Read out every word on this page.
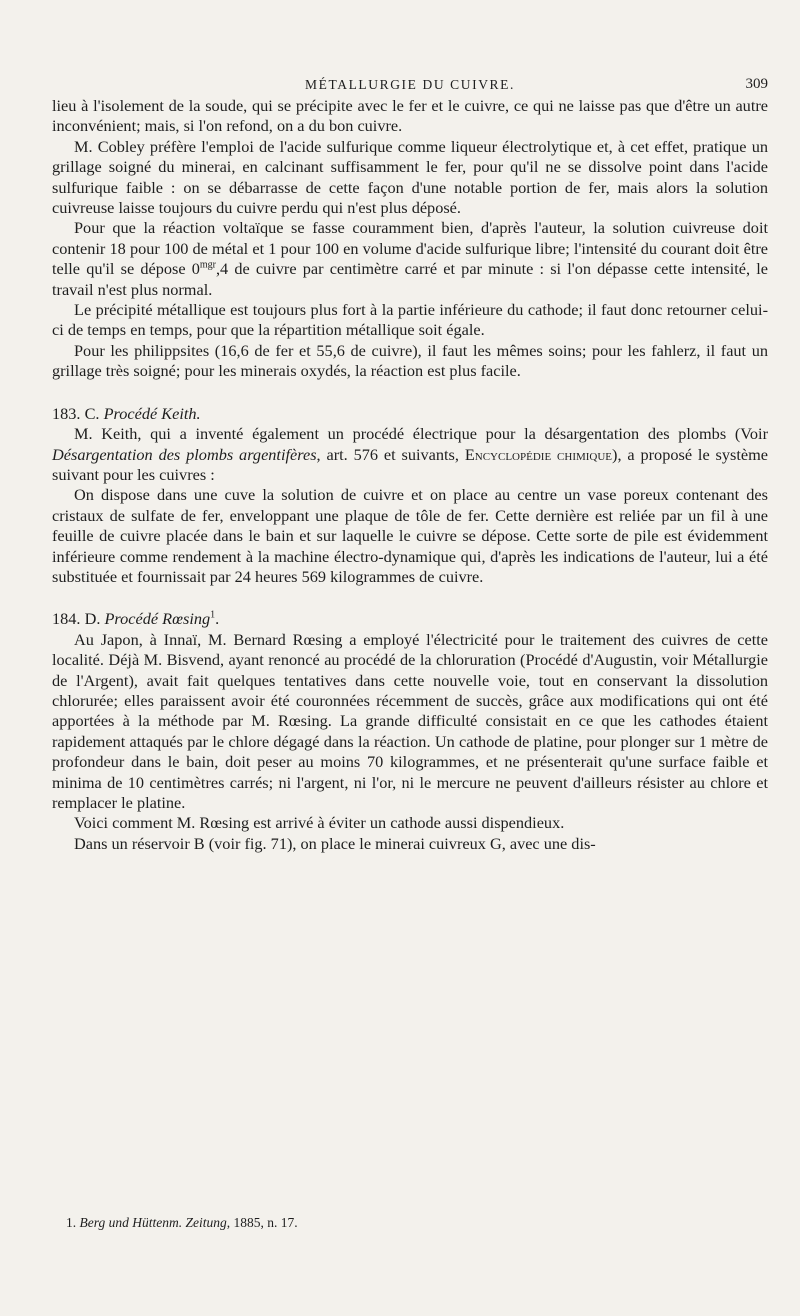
MÉTALLURGIE DU CUIVRE.	309

lieu à l'isolement de la soude, qui se précipite avec le fer et le cuivre, ce qui ne laisse pas que d'être un autre inconvénient; mais, si l'on refond, on a du bon cuivre.

M. Cobley préfère l'emploi de l'acide sulfurique comme liqueur électrolytique et, à cet effet, pratique un grillage soigné du minerai, en calcinant suffisamment le fer, pour qu'il ne se dissolve point dans l'acide sulfurique faible : on se débarrasse de cette façon d'une notable portion de fer, mais alors la solution cuivreuse laisse toujours du cuivre perdu qui n'est plus déposé.

Pour que la réaction voltaïque se fasse couramment bien, d'après l'auteur, la solution cuivreuse doit contenir 18 pour 100 de métal et 1 pour 100 en volume d'acide sulfurique libre; l'intensité du courant doit être telle qu'il se dépose $0^{mgr},4$ de cuivre par centimètre carré et par minute : si l'on dépasse cette intensité, le travail n'est plus normal.

Le précipité métallique est toujours plus fort à la partie inférieure du cathode; il faut donc retourner celui-ci de temps en temps, pour que la répartition métallique soit égale.

Pour les philippsites (16,6 de fer et 55,6 de cuivre), il faut les mêmes soins; pour les fahlerz, il faut un grillage très soigné; pour les minerais oxydés, la réaction est plus facile.

183. C. Procédé Keith.

M. Keith, qui a inventé également un procédé électrique pour la désargentation des plombs (Voir Désargentation des plombs argentifères, art. 576 et suivants, Encyclopédie chimique), a proposé le système suivant pour les cuivres :

On dispose dans une cuve la solution de cuivre et on place au centre un vase poreux contenant des cristaux de sulfate de fer, enveloppant une plaque de tôle de fer. Cette dernière est reliée par un fil à une feuille de cuivre placée dans le bain et sur laquelle le cuivre se dépose. Cette sorte de pile est évidemment inférieure comme rendement à la machine électro-dynamique qui, d'après les indications de l'auteur, lui a été substituée et fournissait par 24 heures 569 kilogrammes de cuivre.

184. D. Procédé Rœsing$^1$.

Au Japon, à Innaï, M. Bernard Rœsing a employé l'électricité pour le traitement des cuivres de cette localité. Déjà M. Bisvend, ayant renoncé au procédé de la chloruration (Procédé d'Augustin, voir Métallurgie de l'Argent), avait fait quelques tentatives dans cette nouvelle voie, tout en conservant la dissolution chlorurée; elles paraissent avoir été couronnées récemment de succès, grâce aux modifications qui ont été apportées à la méthode par M. Rœsing. La grande difficulté consistait en ce que les cathodes étaient rapidement attaqués par le chlore dégagé dans la réaction. Un cathode de platine, pour plonger sur 1 mètre de profondeur dans le bain, doit peser au moins 70 kilogrammes, et ne présenterait qu'une surface faible et minima de 10 centimètres carrés; ni l'argent, ni l'or, ni le mercure ne peuvent d'ailleurs résister au chlore et remplacer le platine.

Voici comment M. Rœsing est arrivé à éviter un cathode aussi dispendieux.

Dans un réservoir B (voir fig. 71), on place le minerai cuivreux G, avec une dis-

1. Berg und Hüttenm. Zeitung, 1885, n. 17.
